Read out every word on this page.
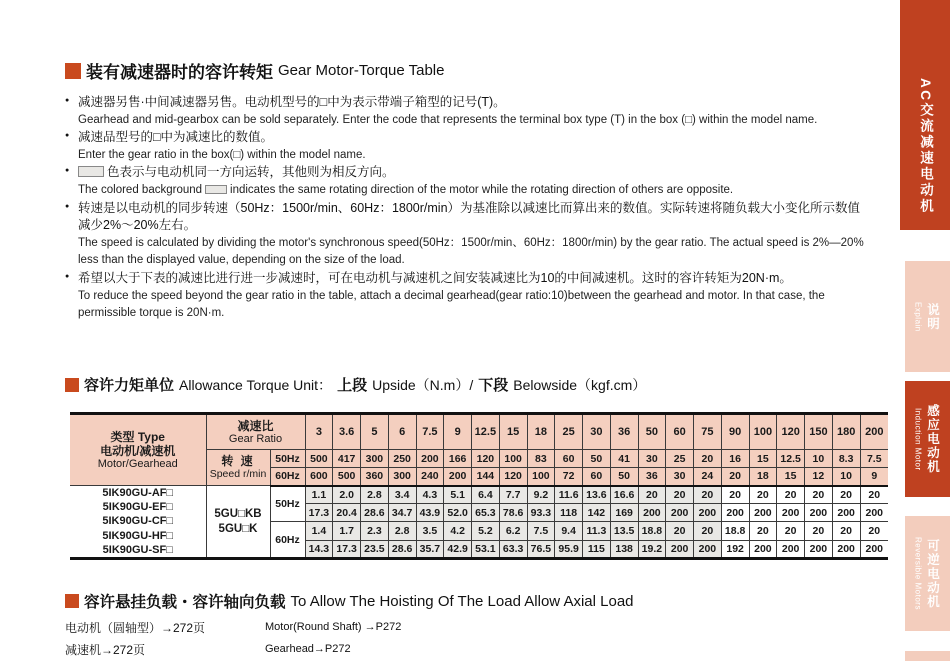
装有减速器时的容许转矩 Gear Motor-Torque Table
● 减速器另售·中间减速器另售。电动机型号的□中为表示带端子箱型的记号(T)。
Gearhead and mid-gearbox can be sold separately. Enter the code that represents the terminal box type (T) in the box (□) within the model name.
● 减速品型号的□中为减速比的数值。
Enter the gear ratio in the box(□) within the model name.
● 色表示与电动机同一方向运转，其他则为相反方向。
The colored background indicates the same rotating direction of the motor while the rotating direction of others are opposite.
● 转速是以电动机的同步转速（50Hz：1500r/min、60Hz：1800r/min）为基准除以减速比而算出来的数值。实际转速将随负载大小变化所示数值减少2%～20%左右。
The speed is calculated by dividing the motor's synchronous speed(50Hz：1500r/min、60Hz：1800r/min) by the gear ratio. The actual speed is 2%—20% less than the displayed value, depending on the size of the load.
● 希望以大于下表的减速比进行进一步减速时，可在电动机与减速机之间安装减速比为10的中间减速机。这时的容许转矩为20N·m。
To reduce the speed beyond the gear ratio in the table, attach a decimal gearhead(gear ratio:10)between the gearhead and motor. In that case, the permissible torque is 20N·m.
容许力矩单位 Allowance Torque Unit： 上段 Upside（N.m）/ 下段 Belowside（kgf.cm）
类型 Type
电动机/减速机
Motor/Gearhead

减速比
Gear Ratio
	3	3.6	5	6	7.5	9	12.5	15	18	25	30	36	50	60	75	90	100	120	150	180	200

	转 速
Speed r/min	50Hz	500	417	300	250	200	166	120	100	83	60	50	41	30	25	20	16	15	12.5	10	8.3	7.5
		60Hz	600	500	360	300	240	200	144	120	100	72	60	50	36	30	24	20	18	15	12	10	9

5IK90GU-AF□
5IK90GU-EF□
5IK90GU-CF□
5IK90GU-HF□
5IK90GU-SF□

5GU□KB
5GU□K
	50Hz	1.1	2.0	2.8	3.4	4.3	5.1	6.4	7.7	9.2	11.6	13.6	16.6	20	20	20	20	20	20	20	20	20
			17.3	20.4	28.6	34.7	43.9	52.0	65.3	78.6	93.3	118	142	169	200	200	200	200	200	200	200	200	200
		60Hz	1.4	1.7	2.3	2.8	3.5	4.2	5.2	6.2	7.5	9.4	11.3	13.5	18.8	20	20	18.8	20	20	20	20	20
			14.3	17.3	23.5	28.6	35.7	42.9	53.1	63.3	76.5	95.9	115	138	19.2	200	200	192	200	200	200	200	200
容许悬挂负载・容许轴向负载 To Allow The Hoisting Of The Load Allow Axial Load
电动机（圆轴型）→272页	Motor(Round Shaft) →P272
减速机→272页	Gearhead→P272
AC交流减速电动机
说明
Explain
感应电动机
Induction Motor
可逆电动机
Reversible Motors
